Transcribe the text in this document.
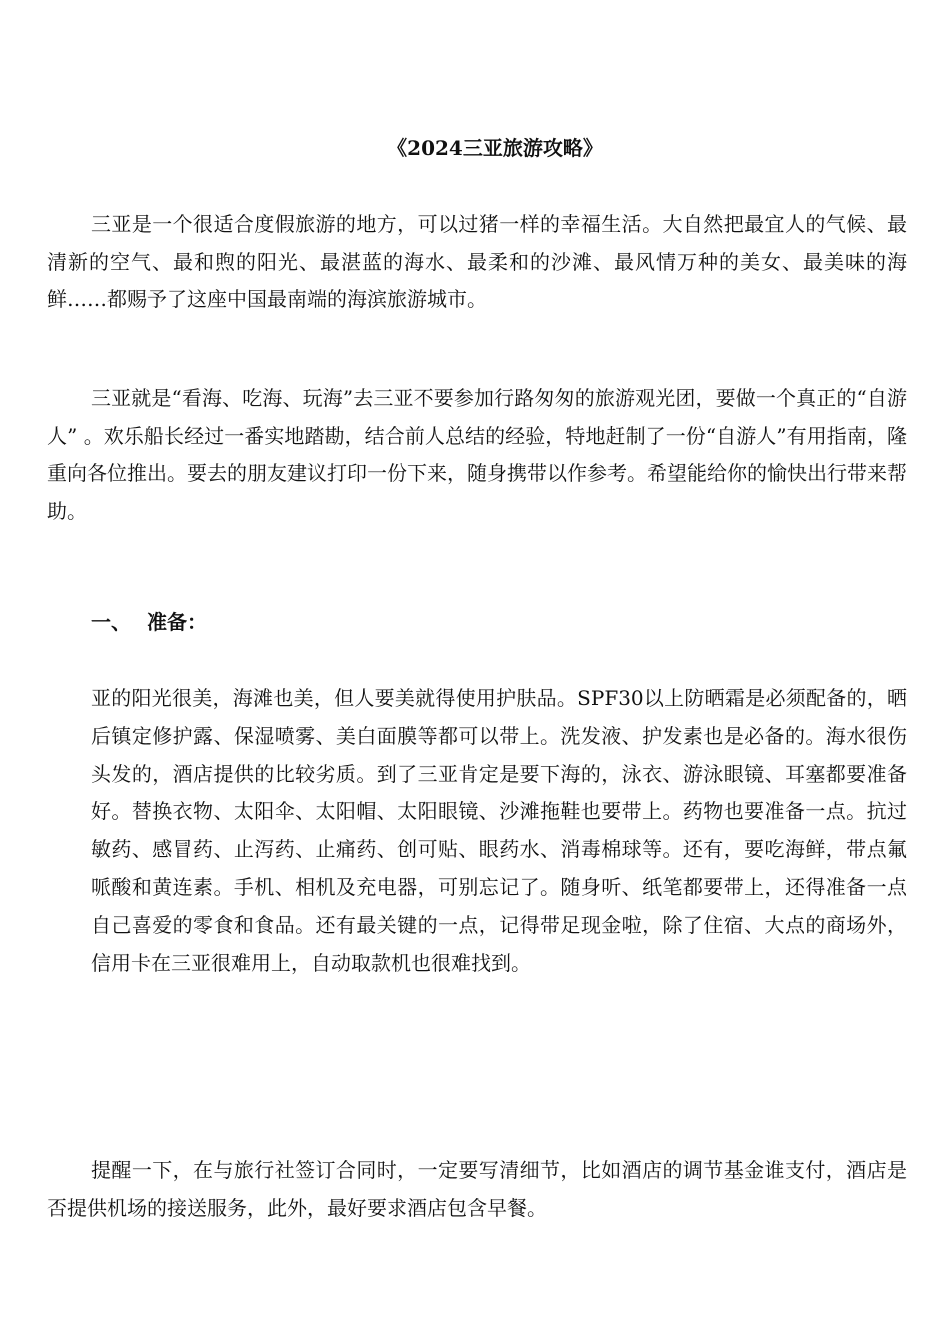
《2024三亚旅游攻略》

三亚是一个很适合度假旅游的地方，可以过猪一样的幸福生活。大自然把最宜人的气候、最清新的空气、最和煦的阳光、最湛蓝的海水、最柔和的沙滩、最风情万种的美女、最美味的海鲜……都赐予了这座中国最南端的海滨旅游城市。

三亚就是“看海、吃海、玩海”去三亚不要参加行路匆匆的旅游观光团，要做一个真正的“自游人” 。欢乐船长经过一番实地踏勘，结合前人总结的经验，特地赶制了一份“自游人”有用指南，隆重向各位推出。要去的朋友建议打印一份下来，随身携带以作参考。希望能给你的愉快出行带来帮助。

一、 准备：

亚的阳光很美，海滩也美，但人要美就得使用护肤品。SPF30以上防晒霜是必须配备的，晒后镇定修护露、保湿喷雾、美白面膜等都可以带上。洗发液、护发素也是必备的。海水很伤头发的，酒店提供的比较劣质。到了三亚肯定是要下海的，泳衣、游泳眼镜、耳塞都要准备好。替换衣物、太阳伞、太阳帽、太阳眼镜、沙滩拖鞋也要带上。药物也要准备一点。抗过敏药、感冒药、止泻药、止痛药、创可贴、眼药水、消毒棉球等。还有，要吃海鲜，带点氟哌酸和黄连素。手机、相机及充电器，可别忘记了。随身听、纸笔都要带上，还得准备一点自己喜爱的零食和食品。还有最关键的一点，记得带足现金啦，除了住宿、大点的商场外，信用卡在三亚很难用上，自动取款机也很难找到。

提醒一下，在与旅行社签订合同时，一定要写清细节，比如酒店的调节基金谁支付，酒店是否提供机场的接送服务，此外，最好要求酒店包含早餐。
